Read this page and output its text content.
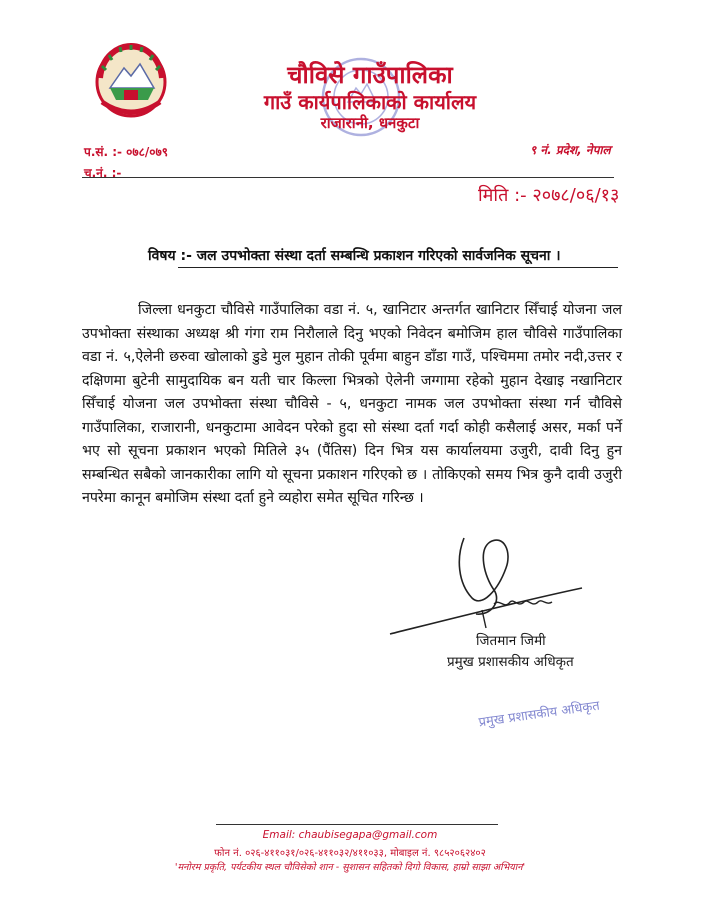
चौविसे गाउँपालिका
गाउँ कार्यपालिकाको कार्यालय
राजारानी, धनकुटा
प.सं. :- ०७८/०७९
च.नं. :-
९ नं. प्रदेश, नेपाल
मिति :- २०७८/०६/१३
विषय :- जल उपभोक्ता संस्था दर्ता सम्बन्धि प्रकाशन गरिएको सार्वजनिक सूचना ।
जिल्ला धनकुटा चौविसे गाउँपालिका वडा नं. ५, खानिटार अन्तर्गत खानिटार सिँचाई योजना जल उपभोक्ता संस्थाका अध्यक्ष श्री गंगा राम निरौलाले दिनु भएको निवेदन बमोजिम हाल चौविसे गाउँपालिका वडा नं. ५,ऐलेनी छरुवा खोलाको डुडे मुल मुहान तोकी पूर्वमा बाहुन डाँडा गाउँ, पश्चिममा तमोर नदी,उत्तर र दक्षिणमा बुटेनी सामुदायिक बन यती चार किल्ला भित्रको ऐलेनी जग्गामा रहेको मुहान देखाइ नखानिटार सिँचाई योजना जल उपभोक्ता संस्था चौविसे - ५, धनकुटा नामक जल उपभोक्ता संस्था गर्न चौविसे गाउँपालिका, राजारानी, धनकुटामा आवेदन परेको हुदा सो संस्था दर्ता गर्दा कोही कसैलाई असर, मर्का पर्ने भए सो सूचना प्रकाशन भएको मितिले ३५ (पैंतिस) दिन भित्र यस कार्यालयमा उजुरी, दावी दिनु हुन सम्बन्धित सबैको जानकारीका लागि यो सूचना प्रकाशन गरिएको छ । तोकिएको समय भित्र कुनै दावी उजुरी नपरेमा कानून बमोजिम संस्था दर्ता हुने व्यहोरा समेत सूचित गरिन्छ ।
जितमान जिमी
प्रमुख प्रशासकीय अधिकृत
प्रमुख प्रशासकीय अधिकृत
Email: chaubisegapa@gmail.com
फोन नं. ०२६-४११०३१/०२६-४११०३२/४११०३३, मोबाइल नं. ९८५२०६२४०२
'मनोरम प्रकृति, पर्यटकीय स्थल चौविसेको शान - सुशासन सहितको दिगो विकास, हाम्रो साझा अभियान'
